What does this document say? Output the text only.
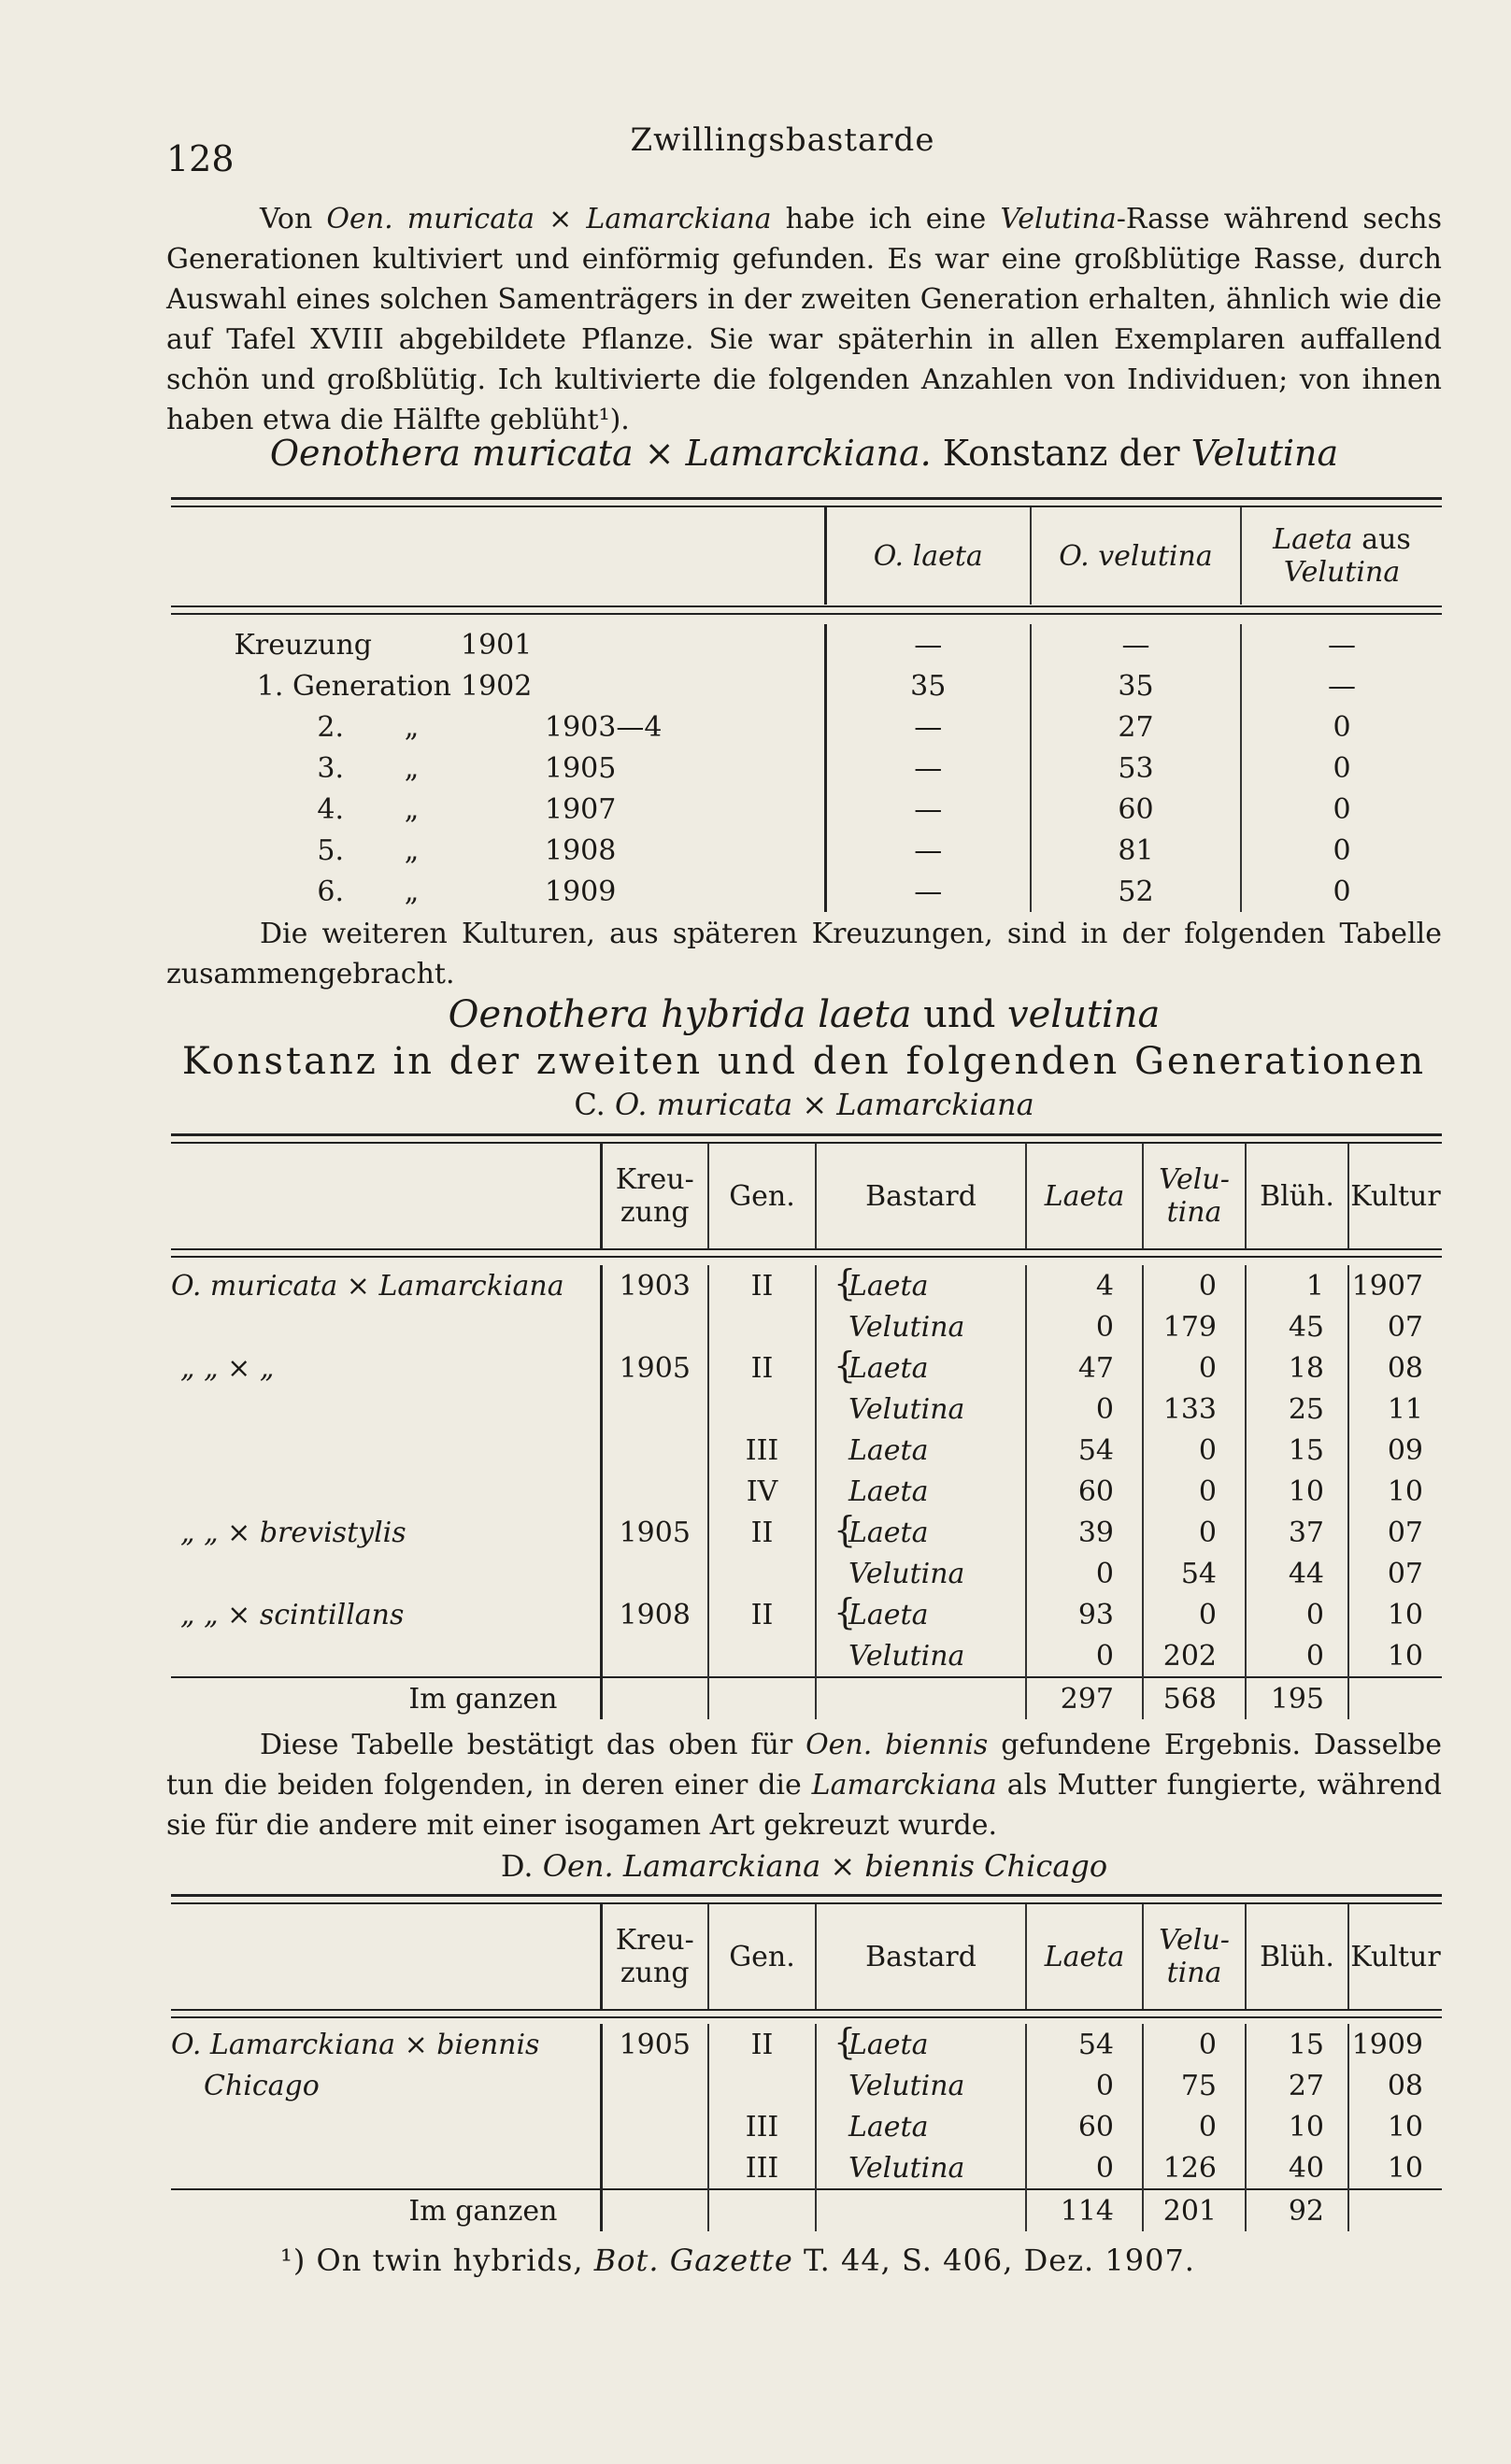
128	Zwillingsbastarde
Von Oen. muricata × Lamarckiana habe ich eine Velutina-Rasse während sechs Generationen kultiviert und einförmig gefunden. Es war eine großblütige Rasse, durch Auswahl eines solchen Samenträgers in der zweiten Generation erhalten, ähnlich wie die auf Tafel XVIII abgebildete Pflanze. Sie war späterhin in allen Exemplaren auffallend schön und großblütig. Ich kultivierte die folgenden Anzahlen von Individuen; von ihnen haben etwa die Hälfte geblüht¹).
Oenothera muricata × Lamarckiana. Konstanz der Velutina
	O. laeta	O. velutina	Laeta aus
Velutina
Kreuzung		1901	—	—	—
1. Generation		1902	35	35	—
2.	„	1903—4	—	27	0
3.	„	1905	—	53	0
4.	„	1907	—	60	0
5.	„	1908	—	81	0
6.	„	1909	—	52	0
Die weiteren Kulturen, aus späteren Kreuzungen, sind in der folgenden Tabelle zusammengebracht.
Oenothera hybrida laeta und velutina
Konstanz in der zweiten und den folgenden Generationen
C. O. muricata × Lamarckiana
	Kreu-
zung	Gen.	Bastard	Laeta	Velu-
tina	Blüh.	Kultur
O. muricata × Lamarckiana	1903	II	{Laeta	4	0	1	1907
			Velutina	0	179	45	07
„ „ × „	1905	II	{Laeta	47	0	18	08
			Velutina	0	133	25	11
		III	Laeta	54	0	15	09
		IV	Laeta	60	0	10	10
„ „ × brevistylis	1905	II	{Laeta	39	0	37	07
			Velutina	0	54	44	07
„ „ × scintillans	1908	II	{Laeta	93	0	0	10
			Velutina	0	202	0	10
Im ganzen				297	568	195	
Diese Tabelle bestätigt das oben für Oen. biennis gefundene Ergebnis. Dasselbe tun die beiden folgenden, in deren einer die Lamarckiana als Mutter fungierte, während sie für die andere mit einer isogamen Art gekreuzt wurde.
D. Oen. Lamarckiana × biennis Chicago
	Kreu-
zung	Gen.	Bastard	Laeta	Velu-
tina	Blüh.	Kultur
O. Lamarckiana × biennis	1905	II	{Laeta	54	0	15	1909
Chicago			Velutina	0	75	27	08
		III	Laeta	60	0	10	10
		III	Velutina	0	126	40	10
Im ganzen				114	201	92	
¹) On twin hybrids, Bot. Gazette T. 44, S. 406, Dez. 1907.
